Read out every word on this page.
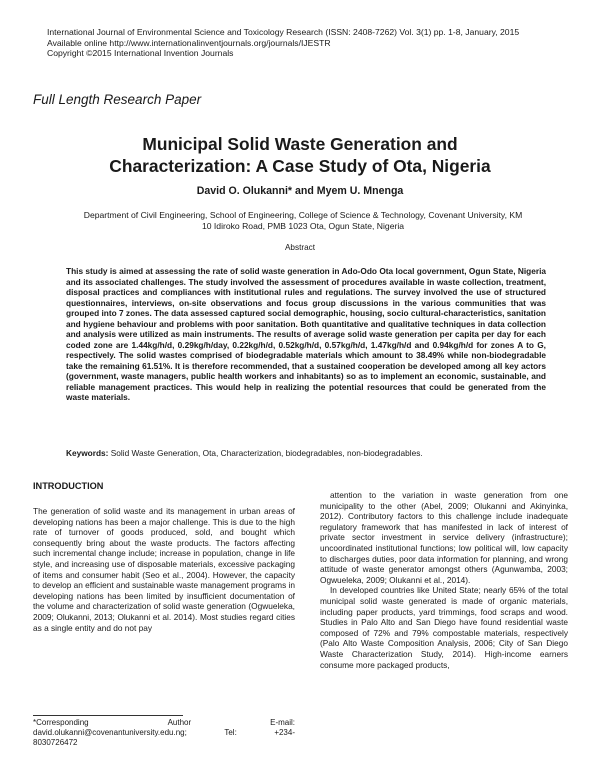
International Journal of Environmental Science and Toxicology Research (ISSN: 2408-7262) Vol. 3(1) pp. 1-8, January, 2015
Available online http://www.internationalinventjournals.org/journals/IJESTR
Copyright ©2015 International Invention Journals
Full Length Research Paper
Municipal Solid Waste Generation and
Characterization: A Case Study of Ota, Nigeria
David O. Olukanni* and Myem U. Mnenga
Department of Civil Engineering, School of Engineering, College of Science & Technology, Covenant University, KM
10 Idiroko Road, PMB 1023 Ota, Ogun State, Nigeria
Abstract
This study is aimed at assessing the rate of solid waste generation in Ado-Odo Ota local government, Ogun State, Nigeria and its associated challenges. The study involved the assessment of procedures available in waste collection, treatment, disposal practices and compliances with institutional rules and regulations. The survey involved the use of structured questionnaires, interviews, on-site observations and focus group discussions in the various communities that was grouped into 7 zones. The data assessed captured social demographic, housing, socio cultural-characteristics, sanitation and hygiene behaviour and problems with poor sanitation. Both quantitative and qualitative techniques in data collection and analysis were utilized as main instruments. The results of average solid waste generation per capita per day for each coded zone are 1.44kg/h/d, 0.29kg/h/day, 0.22kg/h/d, 0.52kg/h/d, 0.57kg/h/d, 1.47kg/h/d and 0.94kg/h/d for zones A to G, respectively. The solid wastes comprised of biodegradable materials which amount to 38.49% while non-biodegradable take the remaining 61.51%. It is therefore recommended, that a sustained cooperation be developed among all key actors (government, waste managers, public health workers and inhabitants) so as to implement an economic, sustainable, and reliable management practices. This would help in realizing the potential resources that could be generated from the waste materials.
Keywords: Solid Waste Generation, Ota, Characterization, biodegradables, non-biodegradables.
INTRODUCTION

The generation of solid waste and its management in urban areas of developing nations has been a major challenge. This is due to the high rate of turnover of goods produced, sold, and bought which consequently bring about the waste products. The factors affecting such incremental change include; increase in population, change in life style, and increasing use of disposable materials, excessive packaging of items and consumer habit (Seo et al., 2004). However, the capacity to develop an efficient and sustainable waste management programs in developing nations has been limited by insufficient documentation of the volume and characterization of solid waste generation (Ogwueleka, 2009; Olukanni, 2013; Olukanni et al. 2014). Most studies regard cities as a single entity and do not pay

attention to the variation in waste generation from one municipality to the other (Abel, 2009; Olukanni and Akinyinka, 2012). Contributory factors to this challenge include inadequate regulatory framework that has manifested in lack of interest of private sector investment in service delivery (infrastructure); uncoordinated institutional functions; low political will, low capacity to discharges duties, poor data information for planning, and wrong attitude of waste generator amongst others (Agunwamba, 2003; Ogwueleka, 2009; Olukanni et al., 2014).

In developed countries like United State; nearly 65% of the total municipal solid waste generated is made of organic materials, including paper products, yard trimmings, food scraps and wood. Studies in Palo Alto and San Diego have found residential waste composed of 72% and 79% compostable materials, respectively (Palo Alto Waste Composition Analysis, 2006; City of San Diego Waste Characterization Study, 2014). High-income earners consume more packaged products,

*Corresponding	Author	E-mail:
david.olukanni@covenantuniversity.edu.ng;	Tel:	+234-
8030726472
